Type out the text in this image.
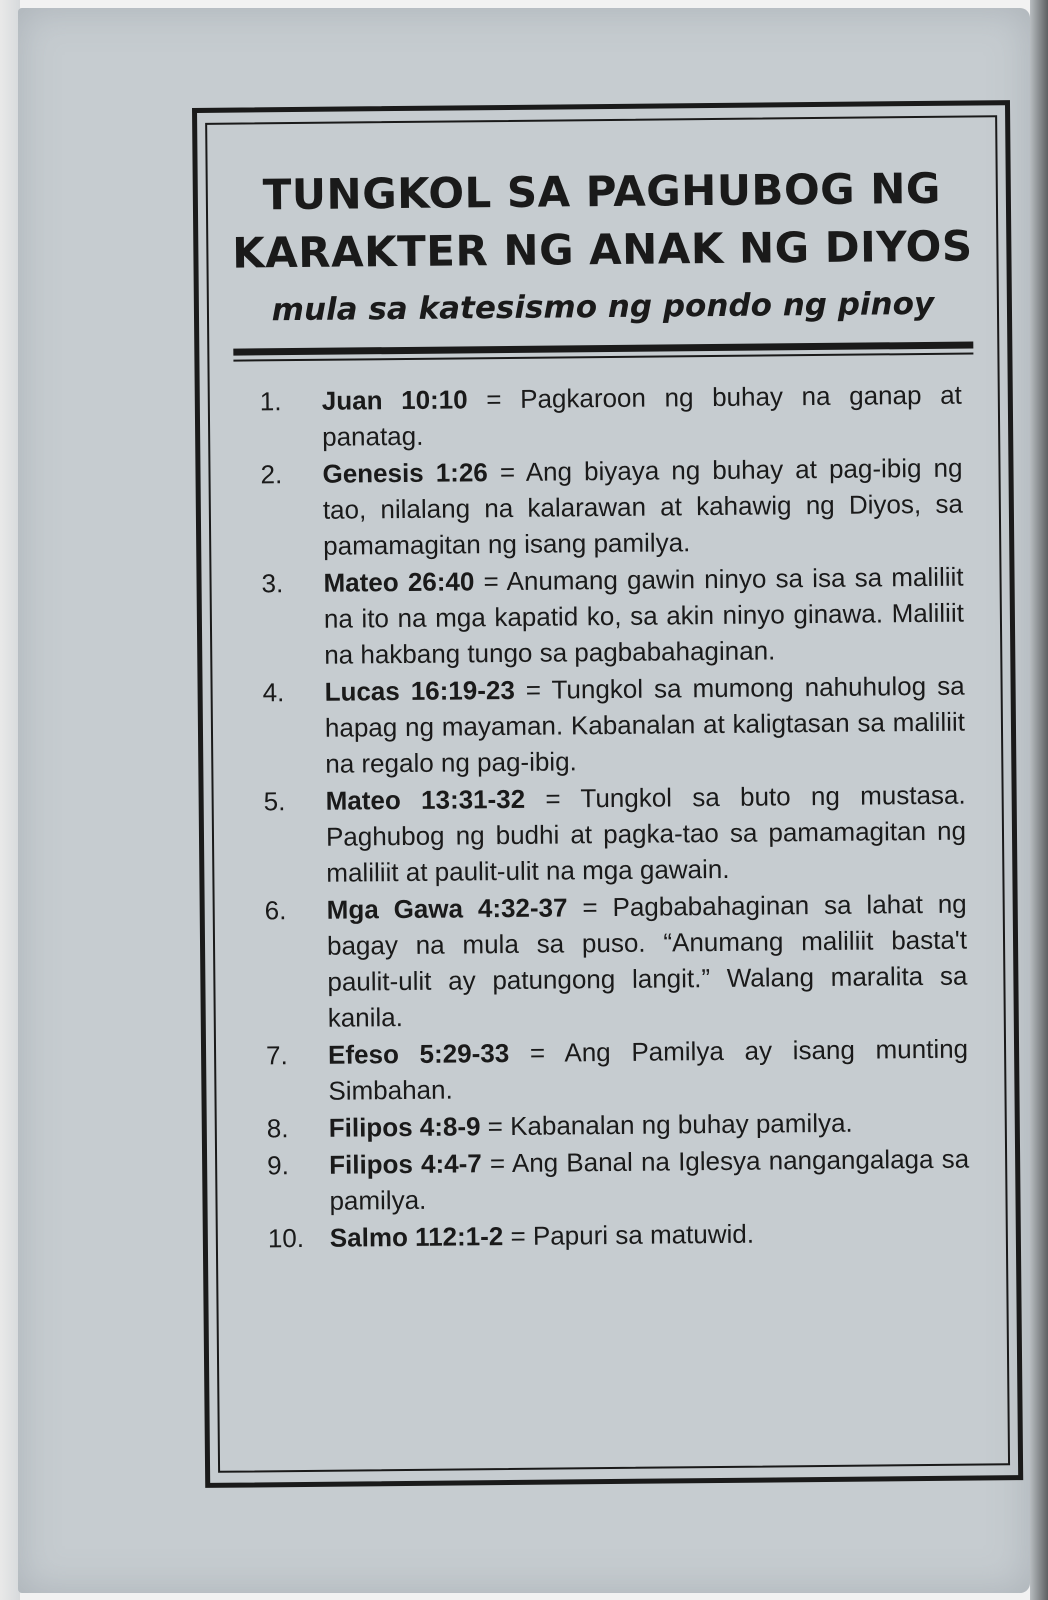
TUNGKOL SA PAGHUBOG NG
KARAKTER NG ANAK NG DIYOS
mula sa katesismo ng pondo ng pinoy
1.	Juan 10:10 = Pagkaroon ng buhay na ganap at panatag.
2.	Genesis 1:26 = Ang biyaya ng buhay at pag-ibig ng tao, nilalang na kalarawan at kahawig ng Diyos, sa pamamagitan ng isang pamilya.
3.	Mateo 26:40 = Anumang gawin ninyo sa isa sa maliliit na ito na mga kapatid ko, sa akin ninyo ginawa. Maliliit na hakbang tungo sa pagbabahaginan.
4.	Lucas 16:19-23 = Tungkol sa mumong nahuhulog sa hapag ng mayaman. Kabanalan at kaligtasan sa maliliit na regalo ng pag-ibig.
5.	Mateo 13:31-32 = Tungkol sa buto ng mustasa. Paghubog ng budhi at pagka-tao sa pamamagitan ng maliliit at paulit-ulit na mga gawain.
6.	Mga Gawa 4:32-37 = Pagbabahaginan sa lahat ng bagay na mula sa puso. “Anumang maliliit basta't paulit-ulit ay patungong langit.” Walang maralita sa kanila.
7.	Efeso 5:29-33 = Ang Pamilya ay isang munting Simbahan.
8.	Filipos 4:8-9 = Kabanalan ng buhay pamilya.
9.	Filipos 4:4-7 = Ang Banal na Iglesya nangangalaga sa pamilya.
10. Salmo 112:1-2 = Papuri sa matuwid.
